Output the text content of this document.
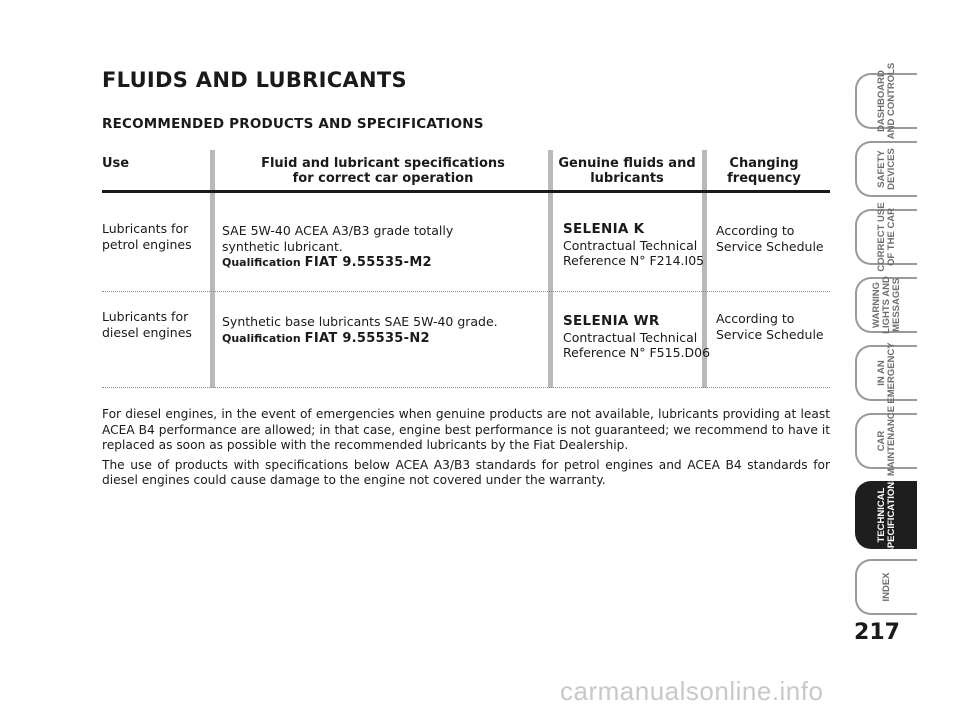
FLUIDS AND LUBRICANTS
RECOMMENDED PRODUCTS AND SPECIFICATIONS
Use	Fluid and lubricant specifications
for correct car operation
Genuine fluids and
lubricants
Changing
frequency
Lubricants for
petrol engines
SAE 5W-40 ACEA A3/B3 grade totally
synthetic lubricant.
Qualification FIAT 9.55535-M2
SELENIA K
Contractual Technical
Reference N° F214.I05
According to
Service Schedule
Lubricants for
diesel engines
Synthetic base lubricants SAE 5W-40 grade.
Qualification FIAT 9.55535-N2
SELENIA WR
Contractual Technical
Reference N° F515.D06
According to
Service Schedule

For diesel engines, in the event of emergencies when genuine products are not available, lubricants providing at least ACEA B4 performance are allowed; in that case, engine best performance is not guaranteed; we recommend to have it replaced as soon as possible with the recommended lubricants by the Fiat Dealership.

The use of products with specifications below ACEA A3/B3 standards for petrol engines and ACEA B4 standards for diesel engines could cause damage to the engine not covered under the warranty.

DASHBOARD
AND CONTROLS
SAFETY
DEVICES
CORRECT USE
OF THE CAR
WARNING
LIGHTS AND
MESSAGES
IN AN
EMERGENCY
CAR
MAINTENANCE
TECHNICAL
SPECIFICATIONS
INDEX
217
carmanualsonline.info
